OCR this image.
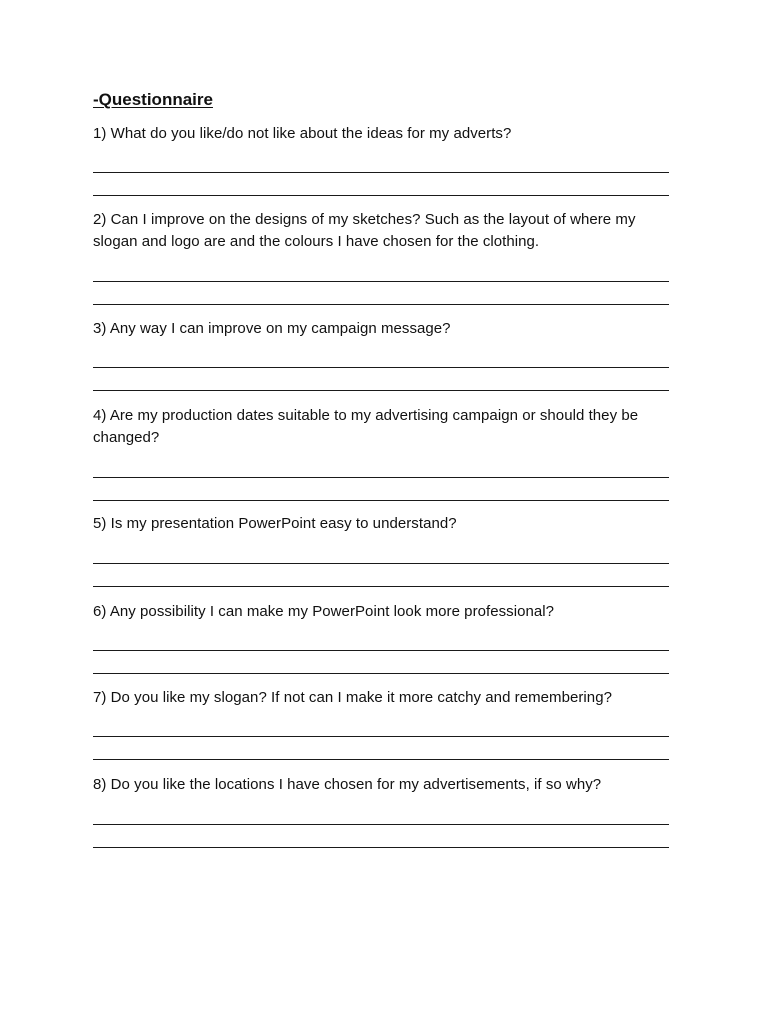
-Questionnaire

1) What do you like/do not like about the ideas for my adverts?

2) Can I improve on the designs of my sketches? Such as the layout of where my slogan and logo are and the colours I have chosen for the clothing.

3) Any way I can improve on my campaign message?

4) Are my production dates suitable to my advertising campaign or should they be changed?

5) Is my presentation PowerPoint easy to understand?

6) Any possibility I can make my PowerPoint look more professional?

7) Do you like my slogan? If not can I make it more catchy and remembering?

8) Do you like the locations I have chosen for my advertisements, if so why?
